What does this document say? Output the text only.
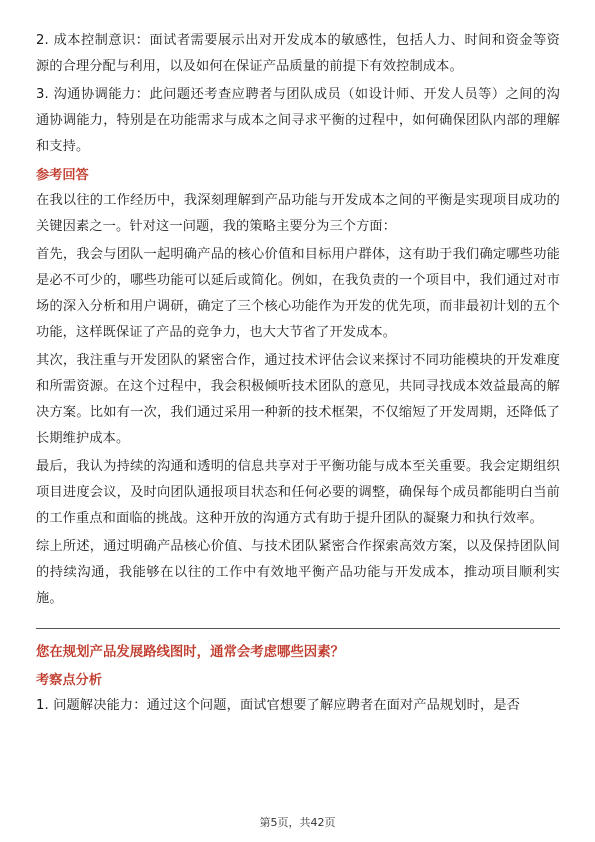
2. 成本控制意识：面试者需要展示出对开发成本的敏感性，包括人力、时间和资金等资源的合理分配与利用，以及如何在保证产品质量的前提下有效控制成本。

3. 沟通协调能力：此问题还考查应聘者与团队成员（如设计师、开发人员等）之间的沟通协调能力，特别是在功能需求与成本之间寻求平衡的过程中，如何确保团队内部的理解和支持。

参考回答

在我以往的工作经历中，我深刻理解到产品功能与开发成本之间的平衡是实现项目成功的关键因素之一。针对这一问题，我的策略主要分为三个方面：

首先，我会与团队一起明确产品的核心价值和目标用户群体，这有助于我们确定哪些功能是必不可少的，哪些功能可以延后或简化。例如，在我负责的一个项目中，我们通过对市场的深入分析和用户调研，确定了三个核心功能作为开发的优先项，而非最初计划的五个功能，这样既保证了产品的竞争力，也大大节省了开发成本。

其次，我注重与开发团队的紧密合作，通过技术评估会议来探讨不同功能模块的开发难度和所需资源。在这个过程中，我会积极倾听技术团队的意见，共同寻找成本效益最高的解决方案。比如有一次，我们通过采用一种新的技术框架，不仅缩短了开发周期，还降低了长期维护成本。

最后，我认为持续的沟通和透明的信息共享对于平衡功能与成本至关重要。我会定期组织项目进度会议，及时向团队通报项目状态和任何必要的调整，确保每个成员都能明白当前的工作重点和面临的挑战。这种开放的沟通方式有助于提升团队的凝聚力和执行效率。

综上所述，通过明确产品核心价值、与技术团队紧密合作探索高效方案，以及保持团队间的持续沟通，我能够在以往的工作中有效地平衡产品功能与开发成本，推动项目顺利实施。

您在规划产品发展路线图时，通常会考虑哪些因素？
考察点分析

1. 问题解决能力：通过这个问题，面试官想要了解应聘者在面对产品规划时，是否

第5页，共42页
